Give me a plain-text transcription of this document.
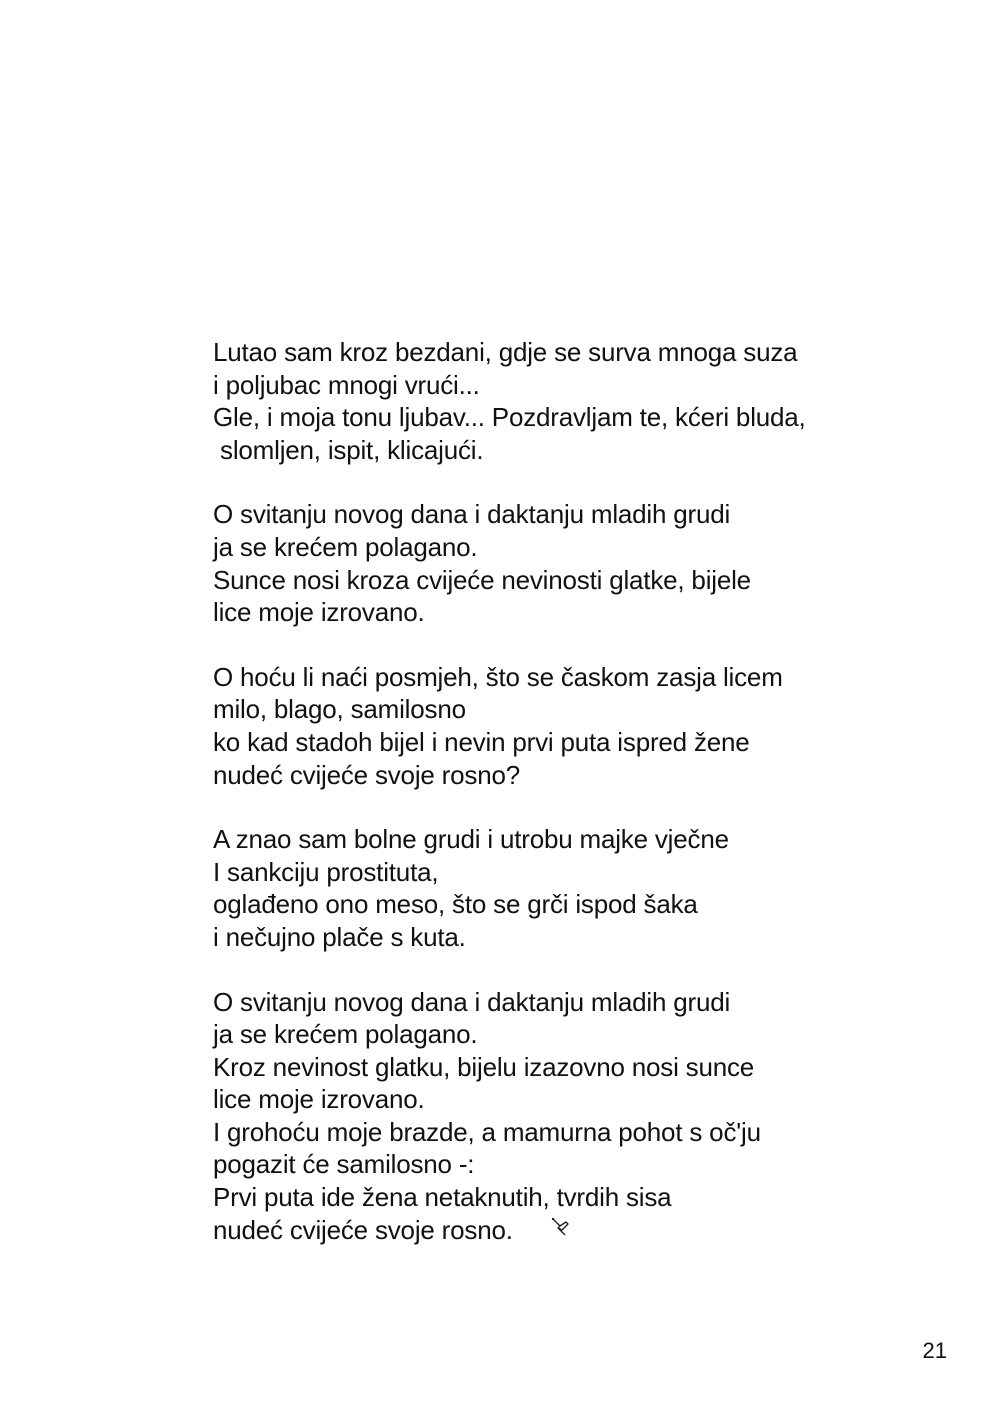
Lutao sam kroz bezdani, gdje se surva mnoga suza
i poljubac mnogi vrući...
Gle, i moja tonu ljubav... Pozdravljam te, kćeri bluda,
slomljen, ispit, klicajući.
O svitanju novog dana i daktanju mladih grudi
ja se krećem polagano.
Sunce nosi kroza cvijeće nevinosti glatke, bijele
lice moje izrovano.
O hoću li naći posmjeh, što se časkom zasja licem
milo, blago, samilosno
ko kad stadoh bijel i nevin prvi puta ispred žene
nudeć cvijeće svoje rosno?
A znao sam bolne grudi i utrobu majke vječne
I sankciju prostituta,
oglađeno ono meso, što se grči ispod šaka
i nečujno plače s kuta.
O svitanju novog dana i daktanju mladih grudi
ja se krećem polagano.
Kroz nevinost glatku, bijelu izazovno nosi sunce
lice moje izrovano.
I grohoću moje brazde, a mamurna pohot s oč'ju
pogazit će samilosno -:
Prvi puta ide žena netaknutih, tvrdih sisa
nudeć cvijeće svoje rosno.
21
